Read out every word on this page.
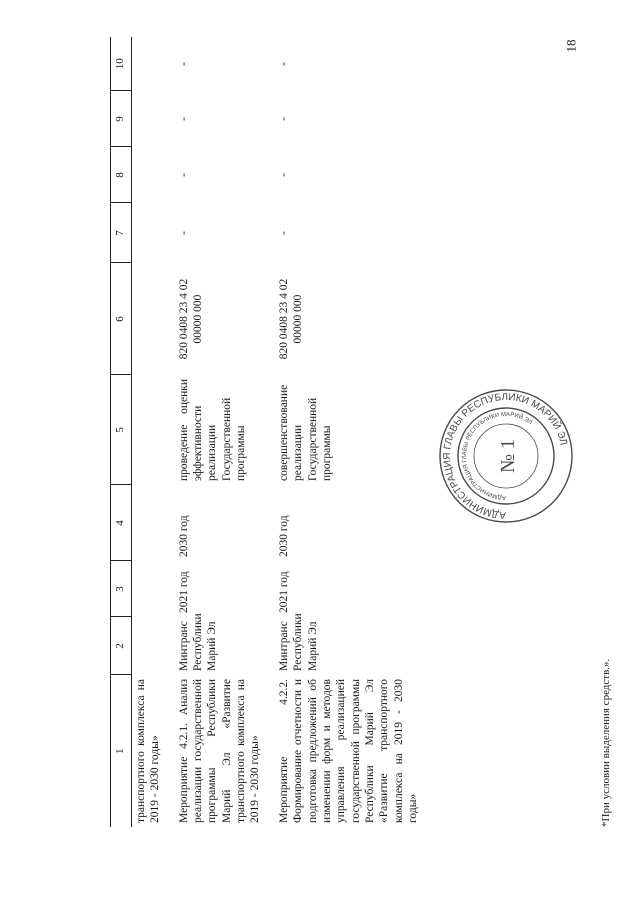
18
1	2	3	4	5	6	7	8	9	10
транспортного комплекса на 2019 - 2030 годы»									
Мероприятие 4.2.1. Анализ реализации государственной программы Республики Марий Эл «Развитие транспортного комплекса на 2019 - 2030 годы»	Минтранс Республики Марий Эл	2021 год	2030 год	проведение оценки эффективности реализации Государственной программы	820 0408 23 4 02 00000 000	-	-	-	-
Мероприятие 4.2.2. Формирование отчетности и подготовка предложений об изменении форм и методов управления реализацией государственной программы Республики Марий Эл «Развитие транспортного комплекса на 2019 - 2030 годы»	Минтранс Республики Марий Эл	2021 год	2030 год	совершенствование реализации Государственной программы	820 0408 23 4 02 00000 000	-	-	-	-
*При условии выделения средств.».
АДМИНИСТРАЦИЯ ГЛАВЫ РЕСПУБЛИКИ МАРИЙ ЭЛ
АДМИНИСТРАЦИЯ ГЛАВЫ РЕСПУБЛИКИ МАРИЙ ЭЛ
№ 1
